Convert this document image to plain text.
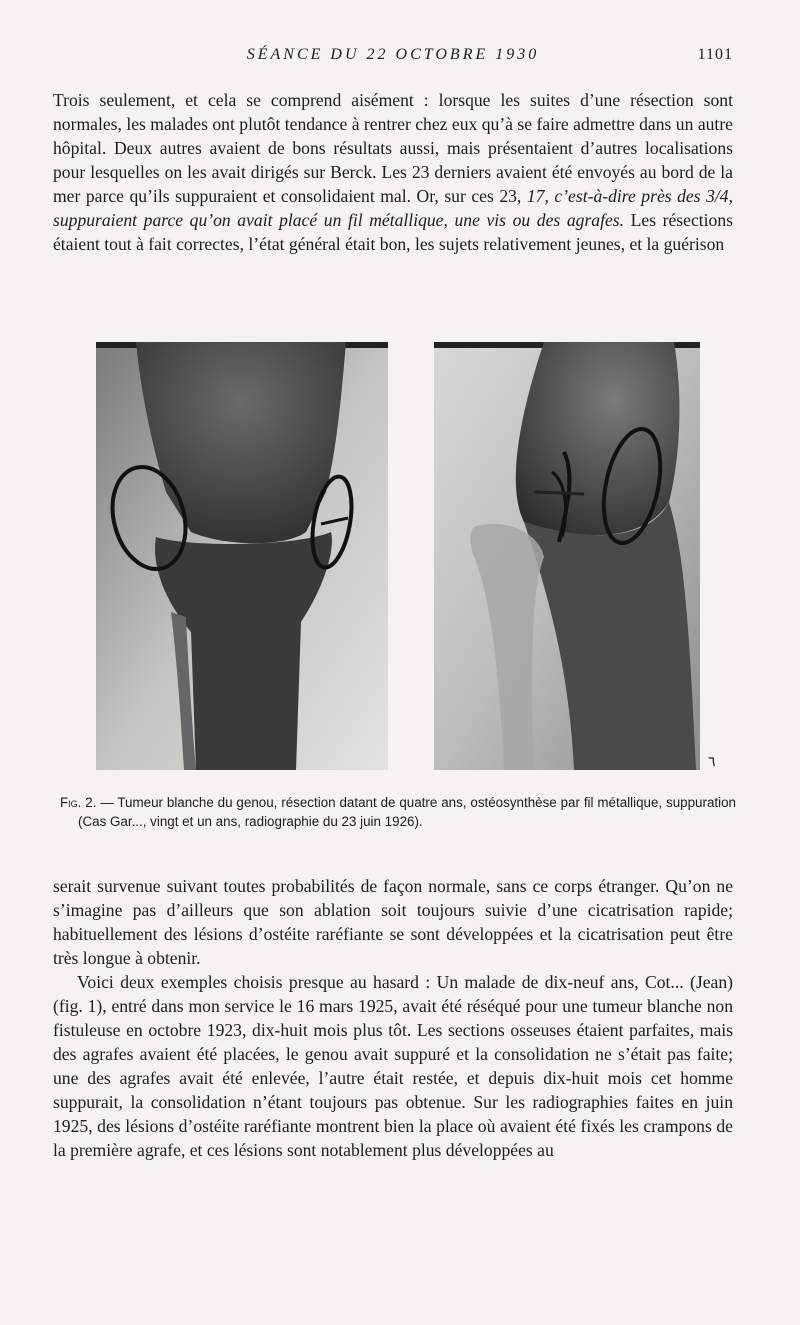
SÉANCE DU 22 OCTOBRE 1930	1101

Trois seulement, et cela se comprend aisément : lorsque les suites d’une résection sont normales, les malades ont plutôt tendance à rentrer chez eux qu’à se faire admettre dans un autre hôpital. Deux autres avaient de bons résultats aussi, mais présentaient d’autres localisations pour lesquelles on les avait dirigés sur Berck. Les 23 derniers avaient été envoyés au bord de la mer parce qu’ils suppuraient et consolidaient mal. Or, sur ces 23, 17, c’est-à-dire près des 3/4, suppuraient parce qu’on avait placé un fil métallique, une vis ou des agrafes. Les résections étaient tout à fait correctes, l’état général était bon, les sujets relativement jeunes, et la guérison

٦
Fig. 2. — Tumeur blanche du genou, résection datant de quatre ans, ostéosynthèse par fil métallique, suppuration (Cas Gar..., vingt et un ans, radiographie du 23 juin 1926).

serait survenue suivant toutes probabilités de façon normale, sans ce corps étranger. Qu’on ne s’imagine pas d’ailleurs que son ablation soit toujours suivie d’une cicatrisation rapide; habituellement des lésions d’ostéite raréfiante se sont développées et la cicatrisation peut être très longue à obtenir.

Voici deux exemples choisis presque au hasard : Un malade de dix-neuf ans, Cot... (Jean) (fig. 1), entré dans mon service le 16 mars 1925, avait été réséqué pour une tumeur blanche non fistuleuse en octobre 1923, dix-huit mois plus tôt. Les sections osseuses étaient parfaites, mais des agrafes avaient été placées, le genou avait suppuré et la consolidation ne s’était pas faite; une des agrafes avait été enlevée, l’autre était restée, et depuis dix-huit mois cet homme suppurait, la consolidation n’étant toujours pas obtenue. Sur les radiographies faites en juin 1925, des lésions d’ostéite raréfiante montrent bien la place où avaient été fixés les crampons de la première agrafe, et ces lésions sont notablement plus développées au
